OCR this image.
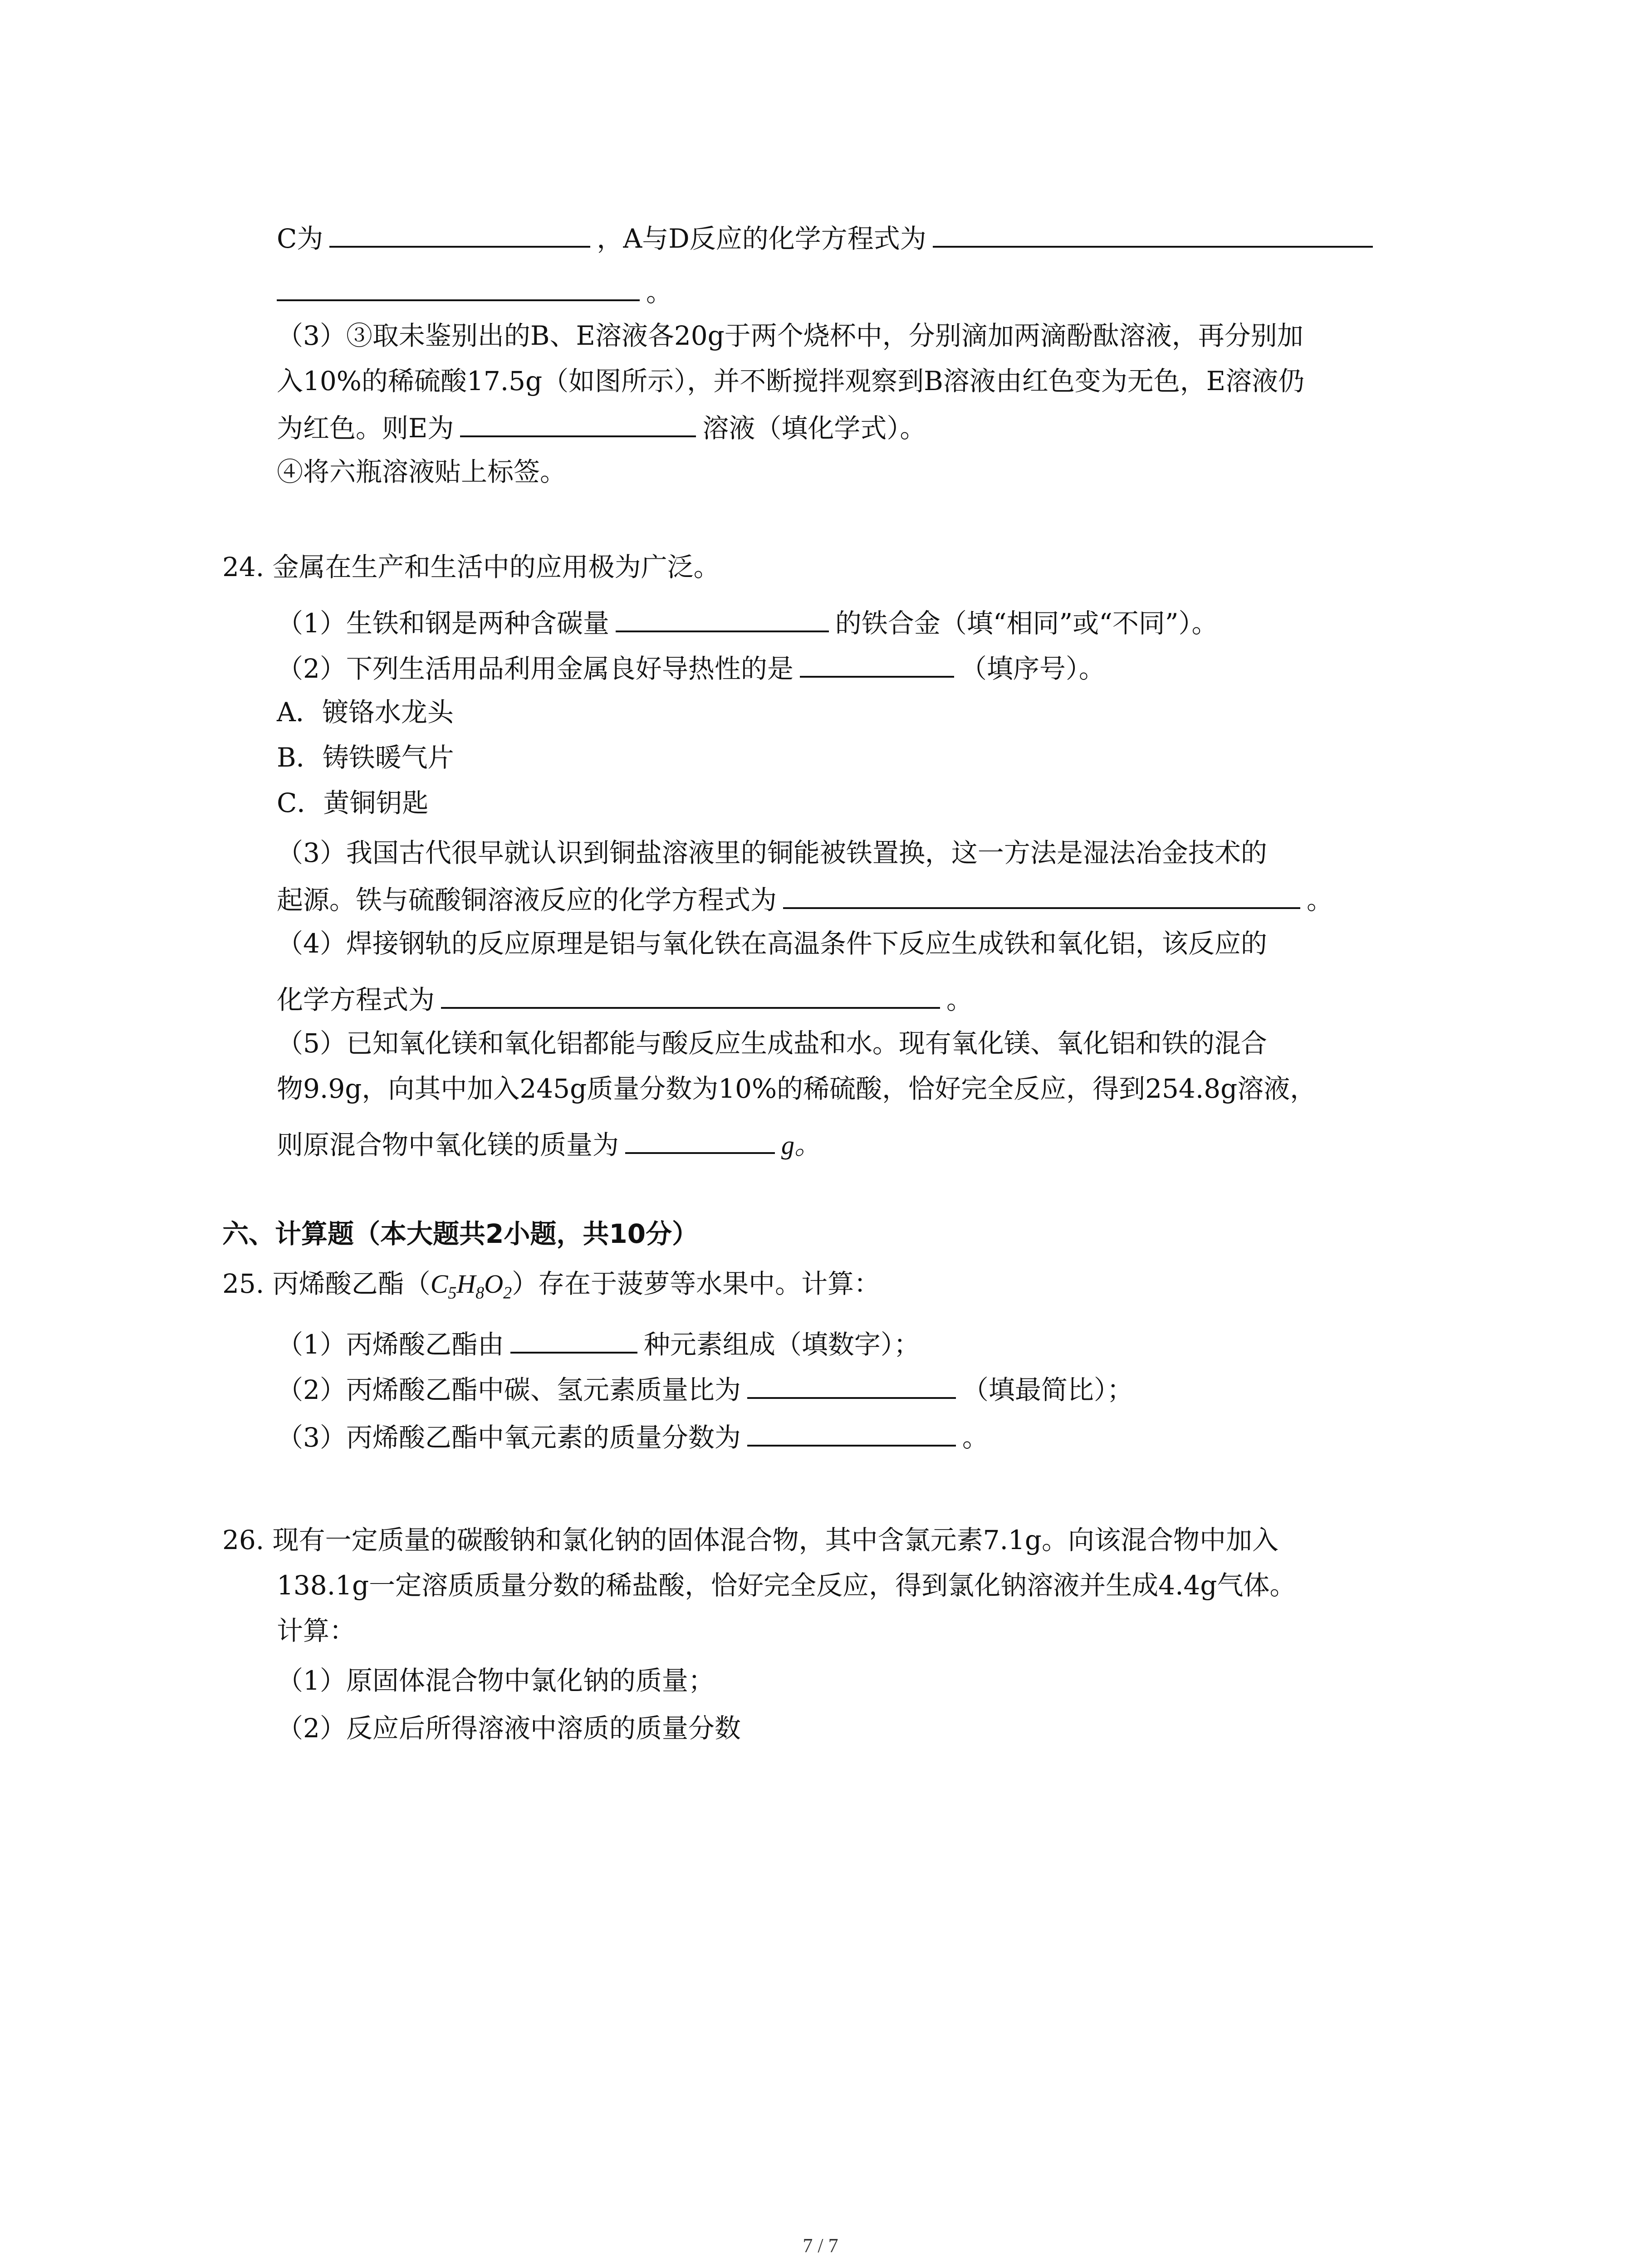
C为	，A与D反应的化学方程式为
。
（3）③取未鉴别出的B、E溶液各20g于两个烧杯中，分别滴加两滴酚酞溶液，再分别加
入10%的稀硫酸17.5g（如图所示），并不断搅拌观察到B溶液由红色变为无色，E溶液仍
为红色。则E为	溶液（填化学式）。
④将六瓶溶液贴上标签。
24. 金属在生产和生活中的应用极为广泛。
（1）生铁和钢是两种含碳量	的铁合金（填“相同”或“不同”）。
（2）下列生活用品利用金属良好导热性的是	（填序号）。
A．镀铬水龙头
B．铸铁暖气片
C．黄铜钥匙
（3）我国古代很早就认识到铜盐溶液里的铜能被铁置换，这一方法是湿法冶金技术的
起源。铁与硫酸铜溶液反应的化学方程式为	。
（4）焊接钢轨的反应原理是铝与氧化铁在高温条件下反应生成铁和氧化铝，该反应的
化学方程式为	。
（5）已知氧化镁和氧化铝都能与酸反应生成盐和水。现有氧化镁、氧化铝和铁的混合
物9.9g，向其中加入245g质量分数为10%的稀硫酸，恰好完全反应，得到254.8g溶液，
则原混合物中氧化镁的质量为	g。
六、计算题（本大题共2小题，共10分）
25. 丙烯酸乙酯$(C_5H_8O_2)$存在于菠萝等水果中。计算：
（1）丙烯酸乙酯由	种元素组成（填数字）；
（2）丙烯酸乙酯中碳、氢元素质量比为	（填最简比）；
（3）丙烯酸乙酯中氧元素的质量分数为	。
26. 现有一定质量的碳酸钠和氯化钠的固体混合物，其中含氯元素7.1g。向该混合物中加入
138.1g一定溶质质量分数的稀盐酸，恰好完全反应，得到氯化钠溶液并生成4.4g气体。
计算：
（1）原固体混合物中氯化钠的质量；
（2）反应后所得溶液中溶质的质量分数
7 / 7
